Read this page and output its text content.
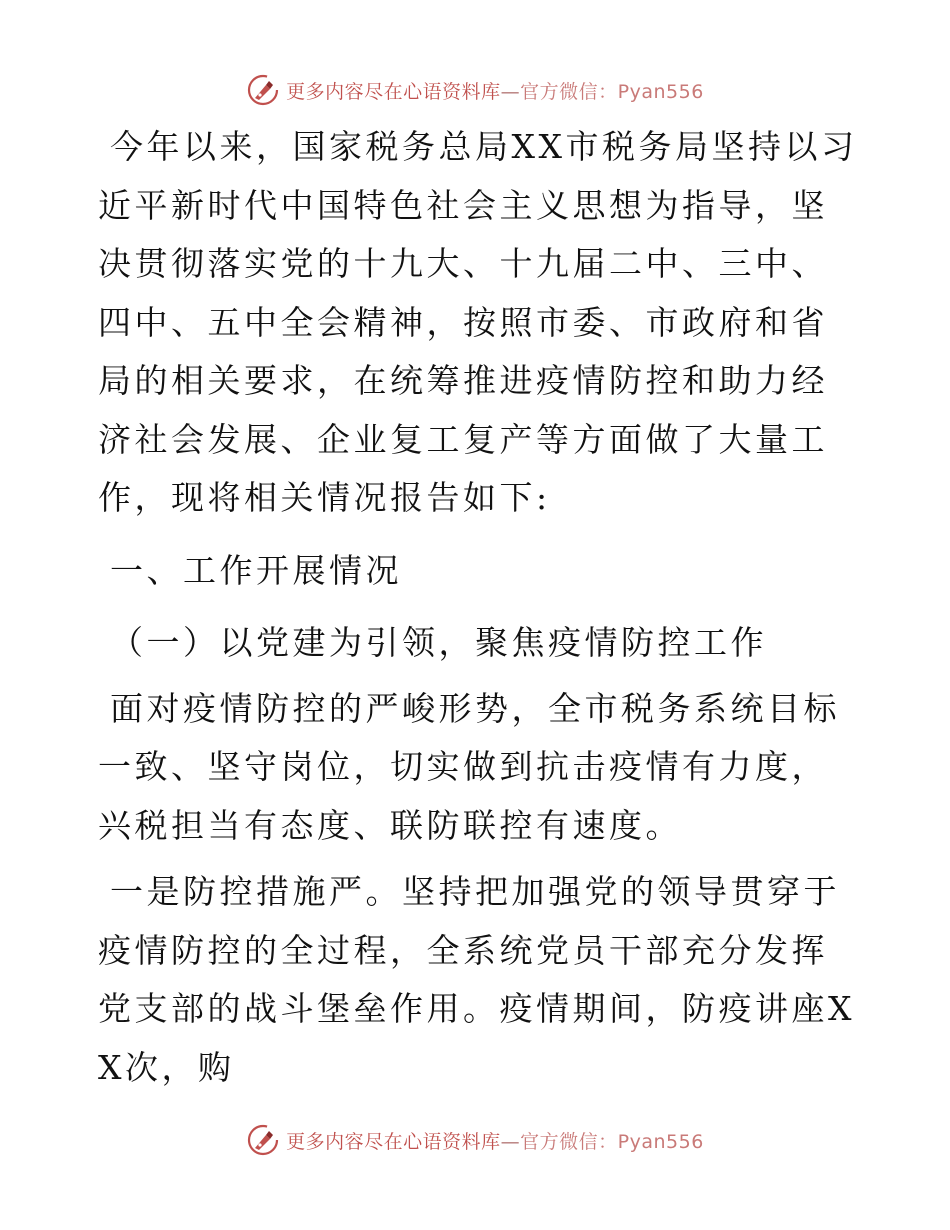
更多内容尽在心语资料库—官方微信：Pyan556

今年以来，国家税务总局XX市税务局坚持以习近平新时代中国特色社会主义思想为指导，坚决贯彻落实党的十九大、十九届二中、三中、四中、五中全会精神，按照市委、市政府和省局的相关要求，在统筹推进疫情防控和助力经济社会发展、企业复工复产等方面做了大量工作，现将相关情况报告如下:

一、工作开展情况

（一）以党建为引领，聚焦疫情防控工作

面对疫情防控的严峻形势，全市税务系统目标一致、坚守岗位，切实做到抗击疫情有力度，兴税担当有态度、联防联控有速度。

一是防控措施严。坚持把加强党的领导贯穿于疫情防控的全过程，全系统党员干部充分发挥党支部的战斗堡垒作用。疫情期间，防疫讲座XX次，购

更多内容尽在心语资料库—官方微信：Pyan556
